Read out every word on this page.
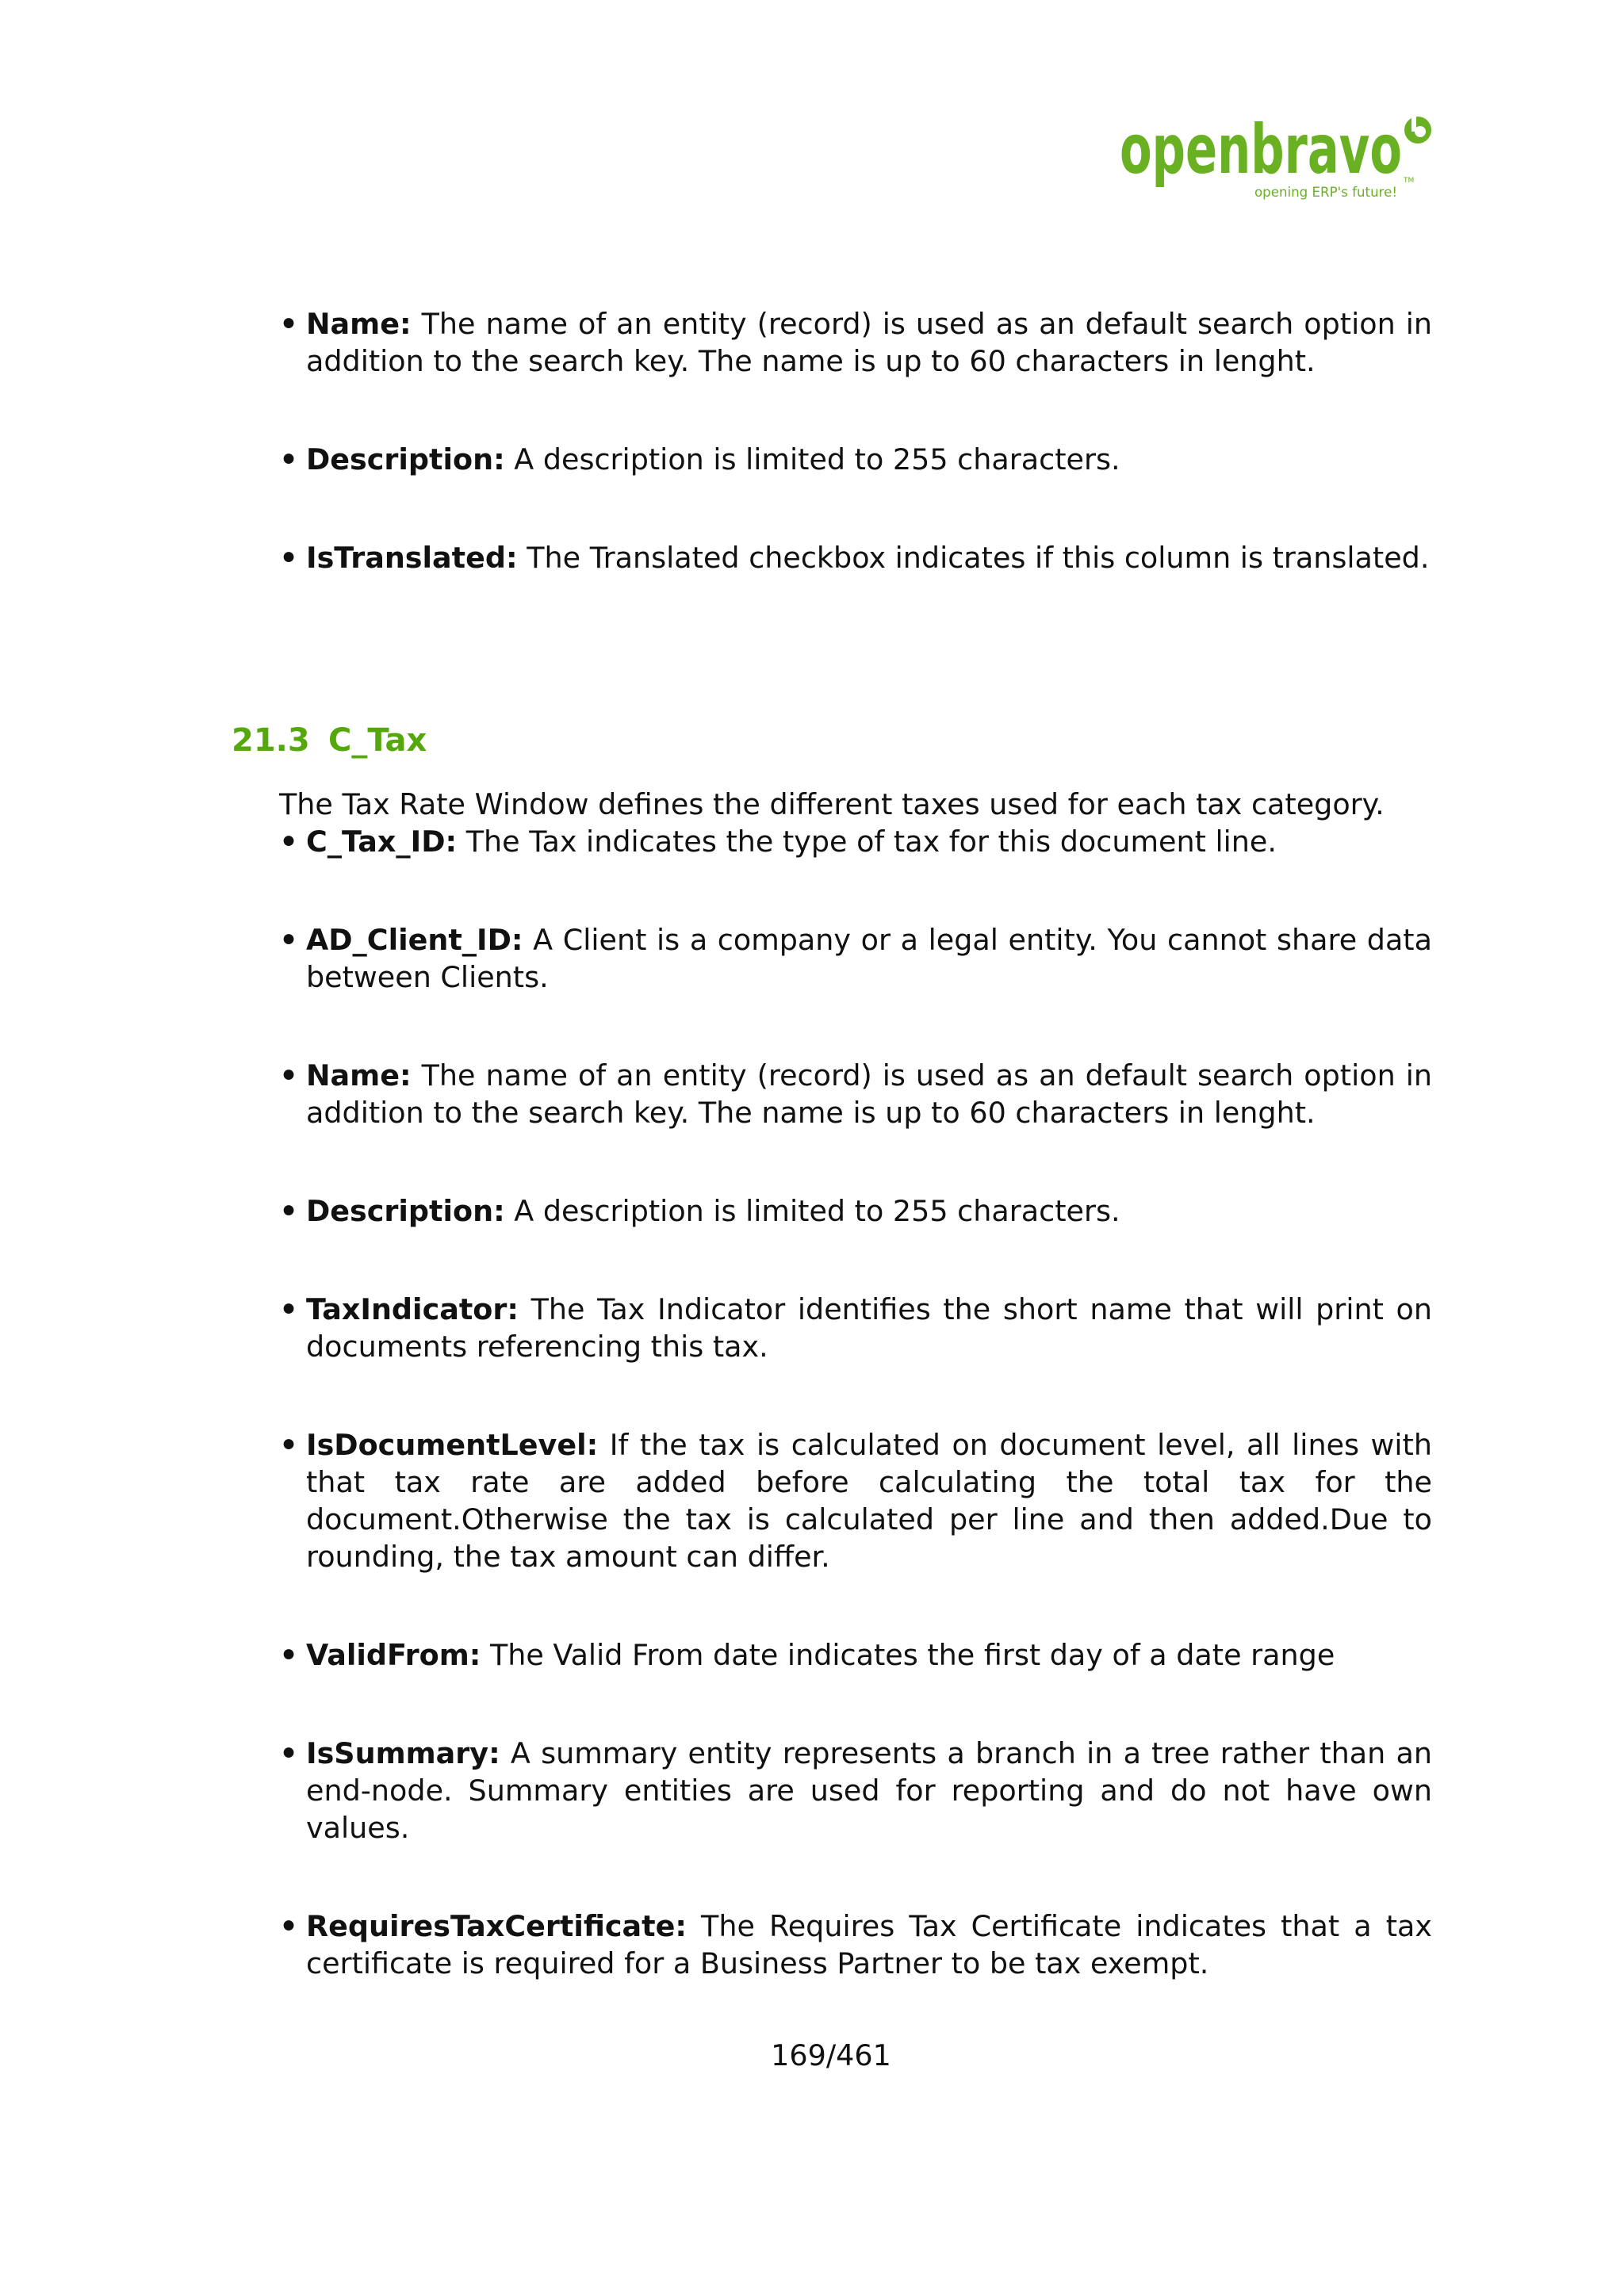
openbravo TM
opening ERP's future!
• Name: The name of an entity (record) is used as an default search option in addition to the search key. The name is up to 60 characters in lenght.
• Description: A description is limited to 255 characters.
• IsTranslated: The Translated checkbox indicates if this column is translated.
21.3 C_Tax

The Tax Rate Window defines the different taxes used for each tax category.

• C_Tax_ID: The Tax indicates the type of tax for this document line.
• AD_Client_ID: A Client is a company or a legal entity. You cannot share data between Clients.
• Name: The name of an entity (record) is used as an default search option in addition to the search key. The name is up to 60 characters in lenght.
• Description: A description is limited to 255 characters.
• TaxIndicator: The Tax Indicator identifies the short name that will print on documents referencing this tax.
• IsDocumentLevel: If the tax is calculated on document level, all lines with that tax rate are added before calculating the total tax for the document.Otherwise the tax is calculated per line and then added.Due to rounding, the tax amount can differ.
• ValidFrom: The Valid From date indicates the first day of a date range
• IsSummary: A summary entity represents a branch in a tree rather than an end-node. Summary entities are used for reporting and do not have own values.
• RequiresTaxCertificate: The Requires Tax Certificate indicates that a tax certificate is required for a Business Partner to be tax exempt.
169/461
